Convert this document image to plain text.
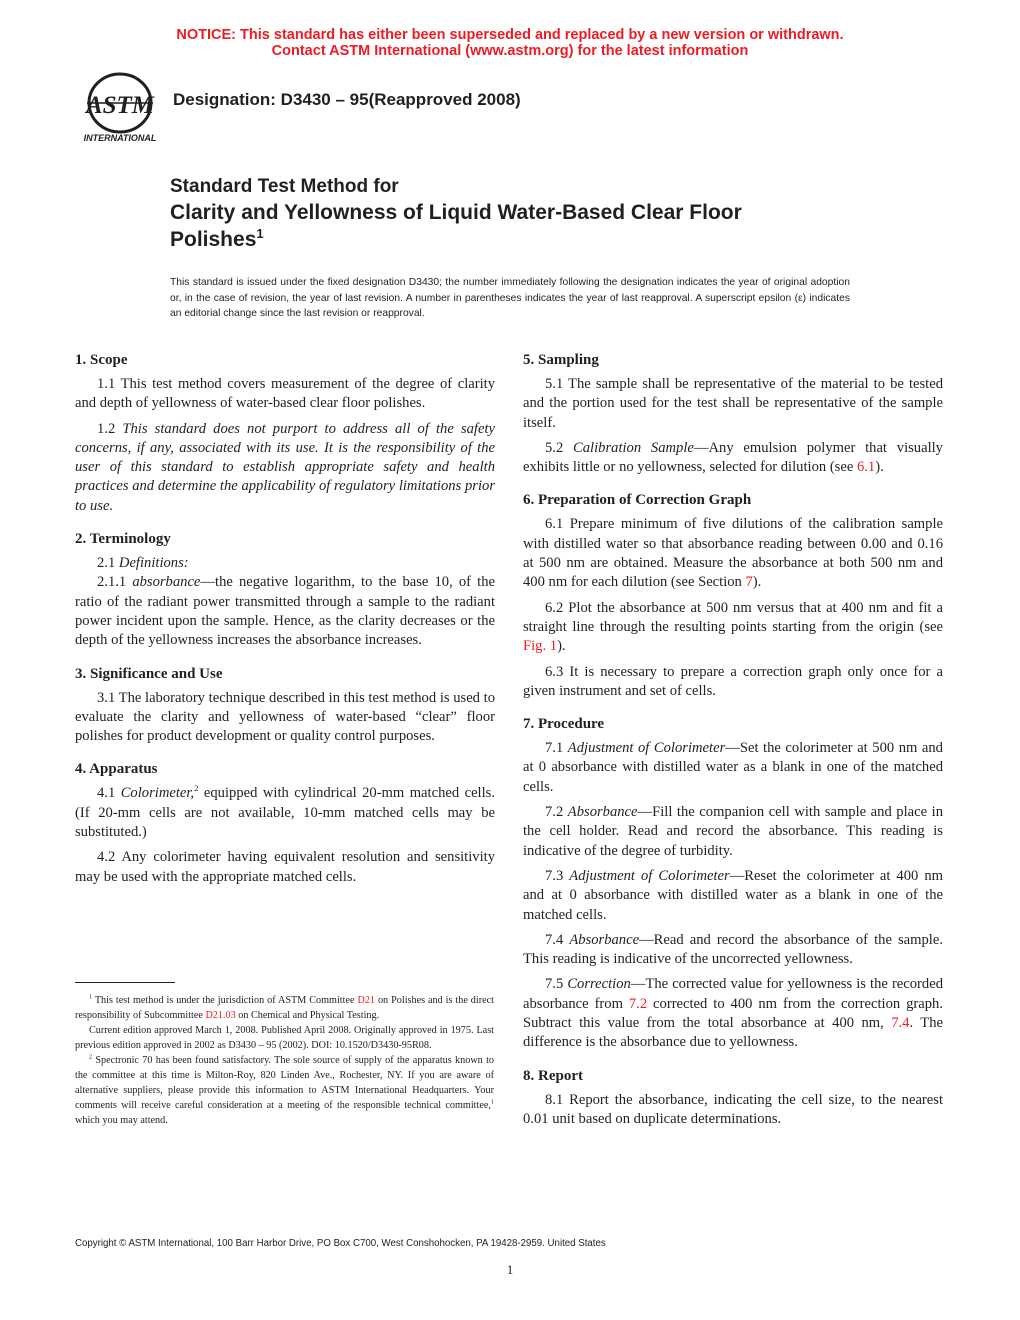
NOTICE: This standard has either been superseded and replaced by a new version or withdrawn.
Contact ASTM International (www.astm.org) for the latest information
ASTM
INTERNATIONAL
Designation: D3430 – 95(Reapproved 2008)
Standard Test Method for
Clarity and Yellowness of Liquid Water-Based Clear Floor
Polishes$^1$
This standard is issued under the fixed designation D3430; the number immediately following the designation indicates the year of original adoption or, in the case of revision, the year of last revision. A number in parentheses indicates the year of last reapproval. A superscript epsilon (ε) indicates an editorial change since the last revision or reapproval.
1. Scope

1.1 This test method covers measurement of the degree of clarity and depth of yellowness of water-based clear floor polishes.

1.2 This standard does not purport to address all of the safety concerns, if any, associated with its use. It is the responsibility of the user of this standard to establish appropriate safety and health practices and determine the applicability of regulatory limitations prior to use.

2. Terminology

2.1 Definitions:

2.1.1 absorbance—the negative logarithm, to the base 10, of the ratio of the radiant power transmitted through a sample to the radiant power incident upon the sample. Hence, as the clarity decreases or the depth of the yellowness increases the absorbance increases.

3. Significance and Use

3.1 The laboratory technique described in this test method is used to evaluate the clarity and yellowness of water-based “clear” floor polishes for product development or quality control purposes.

4. Apparatus

4.1 Colorimeter,$^2$ equipped with cylindrical 20-mm matched cells. (If 20-mm cells are not available, 10-mm matched cells may be substituted.)

4.2 Any colorimeter having equivalent resolution and sensitivity may be used with the appropriate matched cells.

5. Sampling

5.1 The sample shall be representative of the material to be tested and the portion used for the test shall be representative of the sample itself.

5.2 Calibration Sample—Any emulsion polymer that visually exhibits little or no yellowness, selected for dilution (see 6.1).

6. Preparation of Correction Graph

6.1 Prepare minimum of five dilutions of the calibration sample with distilled water so that absorbance reading between 0.00 and 0.16 at 500 nm are obtained. Measure the absorbance at both 500 nm and 400 nm for each dilution (see Section 7).

6.2 Plot the absorbance at 500 nm versus that at 400 nm and fit a straight line through the resulting points starting from the origin (see Fig. 1).

6.3 It is necessary to prepare a correction graph only once for a given instrument and set of cells.

7. Procedure

7.1 Adjustment of Colorimeter—Set the colorimeter at 500 nm and at 0 absorbance with distilled water as a blank in one of the matched cells.

7.2 Absorbance—Fill the companion cell with sample and place in the cell holder. Read and record the absorbance. This reading is indicative of the degree of turbidity.

7.3 Adjustment of Colorimeter—Reset the colorimeter at 400 nm and at 0 absorbance with distilled water as a blank in one of the matched cells.

7.4 Absorbance—Read and record the absorbance of the sample. This reading is indicative of the uncorrected yellowness.

7.5 Correction—The corrected value for yellowness is the recorded absorbance from 7.2 corrected to 400 nm from the correction graph. Subtract this value from the total absorbance at 400 nm, 7.4. The difference is the absorbance due to yellowness.

8. Report

8.1 Report the absorbance, indicating the cell size, to the nearest 0.01 unit based on duplicate determinations.

$^1$ This test method is under the jurisdiction of ASTM Committee D21 on Polishes and is the direct responsibility of Subcommittee D21.03 on Chemical and Physical Testing.

Current edition approved March 1, 2008. Published April 2008. Originally approved in 1975. Last previous edition approved in 2002 as D3430 – 95 (2002). DOI: 10.1520/D3430-95R08.

$^2$ Spectronic 70 has been found satisfactory. The sole source of supply of the apparatus known to the committee at this time is Milton-Roy, 820 Linden Ave., Rochester, NY. If you are aware of alternative suppliers, please provide this information to ASTM International Headquarters. Your comments will receive careful consideration at a meeting of the responsible technical committee,$^1$ which you may attend.

Copyright © ASTM International, 100 Barr Harbor Drive, PO Box C700, West Conshohocken, PA 19428-2959. United States
1
